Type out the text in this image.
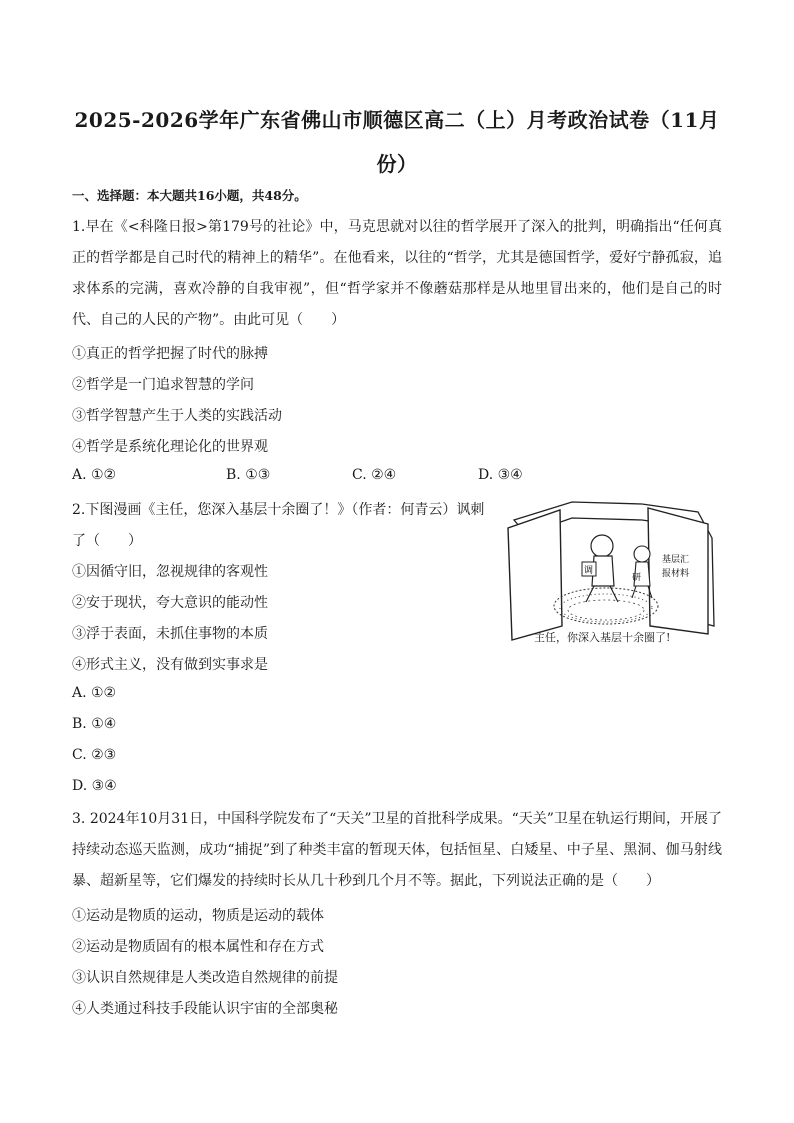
2025-2026学年广东省佛山市顺德区高二（上）月考政治试卷（11月
份）
一、选择题：本大题共16小题，共48分。
1.早在《<科隆日报>第179号的社论》中，马克思就对以往的哲学展开了深入的批判，明确指出“任何真正的哲学都是自己时代的精神上的精华”。在他看来，以往的“哲学，尤其是德国哲学，爱好宁静孤寂，追求体系的完满，喜欢冷静的自我审视”，但“哲学家并不像蘑菇那样是从地里冒出来的，他们是自己的时代、自己的人民的产物”。由此可见（　　）
①真正的哲学把握了时代的脉搏
②哲学是一门追求智慧的学问
③哲学智慧产生于人类的实践活动
④哲学是系统化理论化的世界观
A. ①②	B. ①③	C. ②④	D. ③④
2.下图漫画《主任，您深入基层十余圈了！》（作者：何青云）讽刺
了（　　）
①因循守旧，忽视规律的客观性
②安于现状，夸大意识的能动性
③浮于表面，未抓住事物的本质
④形式主义，没有做到实事求是
A. ①②
B. ①④
C. ②③
D. ③④
调
研
基层汇
报材料
主任，你深入基层十余圈了!
3. 2024年10月31日，中国科学院发布了“天关”卫星的首批科学成果。“天关”卫星在轨运行期间，开展了持续动态巡天监测，成功“捕捉”到了种类丰富的暂现天体，包括恒星、白矮星、中子星、黑洞、伽马射线暴、超新星等，它们爆发的持续时长从几十秒到几个月不等。据此，下列说法正确的是（　　）
①运动是物质的运动，物质是运动的载体
②运动是物质固有的根本属性和存在方式
③认识自然规律是人类改造自然规律的前提
④人类通过科技手段能认识宇宙的全部奥秘
